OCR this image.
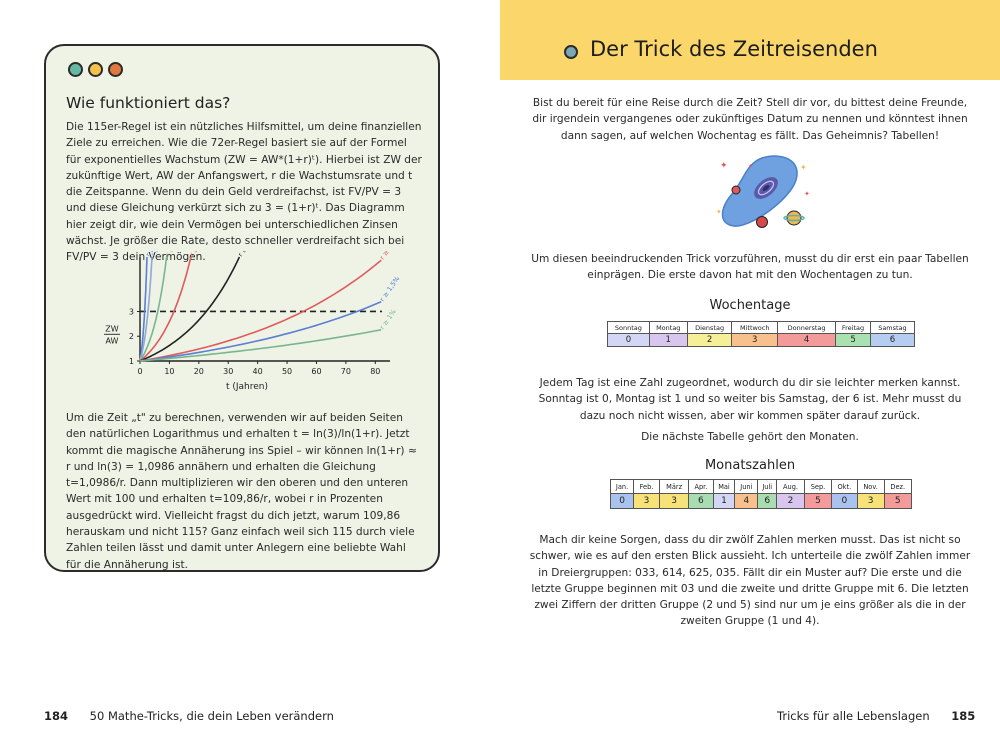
Wie funktioniert das?
Die 115er-Regel ist ein nützliches Hilfsmittel, um deine finanziellen Ziele zu erreichen. Wie die 72er-Regel basiert sie auf der Formel für exponentielles Wachstum (ZW = AW*(1+r)ᵗ). Hierbei ist ZW der zukünftige Wert, AW der Anfangswert, r die Wachstumsrate und t die Zeitspanne. Wenn du dein Geld verdreifachst, ist FV/PV = 3 und diese Gleichung verkürzt sich zu 3 = (1+r)ᵗ. Das Diagramm hier zeigt dir, wie dein Vermögen bei unterschiedlichen Zinsen wächst. Je größer die Rate, desto schneller verdreifacht sich bei FV/PV = 3 dein Vermögen.
0	10 20 30 40 50 60 70 80
1
2
3
t (Jahren)
ZW
AW
r ≥ 1,5%
r ≥ 1%
Um die Zeit „t" zu berechnen, verwenden wir auf beiden Seiten den natürlichen Logarithmus und erhalten t = ln(3)/ln(1+r). Jetzt kommt die magische Annäherung ins Spiel – wir können ln(1+r) ≈ r und ln(3) = 1,0986 annähern und erhalten die Gleichung t=1,0986/r. Dann multiplizieren wir den oberen und den unteren Wert mit 100 und erhalten t=109,86/r, wobei r in Prozenten ausgedrückt wird. Vielleicht fragst du dich jetzt, warum 109,86 herauskam und nicht 115? Ganz einfach weil sich 115 durch viele Zahlen teilen lässt und damit unter Anlegern eine beliebte Wahl für die Annäherung ist.
184 50 Mathe-Tricks, die dein Leben verändern
Der Trick des Zeitreisenden
Bist du bereit für eine Reise durch die Zeit? Stell dir vor, du bittest deine Freunde, dir irgendein vergangenes oder zukünftiges Datum zu nennen und könntest ihnen dann sagen, auf welchen Wochentag es fällt. Das Geheimnis? Tabellen!
✦	✦
✦
✦
✦
Um diesen beeindruckenden Trick vorzuführen, musst du dir erst ein paar Tabellen einprägen. Die erste davon hat mit den Wochentagen zu tun.
Wochentage
Sonntag	Montag	Dienstag	Mittwoch	Donnerstag	Freitag	Samstag
0	1	2	3	4	5	6
Jedem Tag ist eine Zahl zugeordnet, wodurch du dir sie leichter merken kannst. Sonntag ist 0, Montag ist 1 und so weiter bis Samstag, der 6 ist. Mehr musst du dazu noch nicht wissen, aber wir kommen später darauf zurück.
Die nächste Tabelle gehört den Monaten.
Monatszahlen
Jan.	Feb.	März	Apr.	Mai	Juni	Juli	Aug.	Sep.	Okt.	Nov.	Dez.
0	3	3	6	1	4	6	2	5	0	3	5
Mach dir keine Sorgen, dass du dir zwölf Zahlen merken musst. Das ist nicht so schwer, wie es auf den ersten Blick aussieht. Ich unterteile die zwölf Zahlen immer in Dreiergruppen: 033, 614, 625, 035. Fällt dir ein Muster auf? Die erste und die letzte Gruppe beginnen mit 03 und die zweite und dritte Gruppe mit 6. Die letzten zwei Ziffern der dritten Gruppe (2 und 5) sind nur um je eins größer als die in der zweiten Gruppe (1 und 4).
Tricks für alle Lebenslagen 185
